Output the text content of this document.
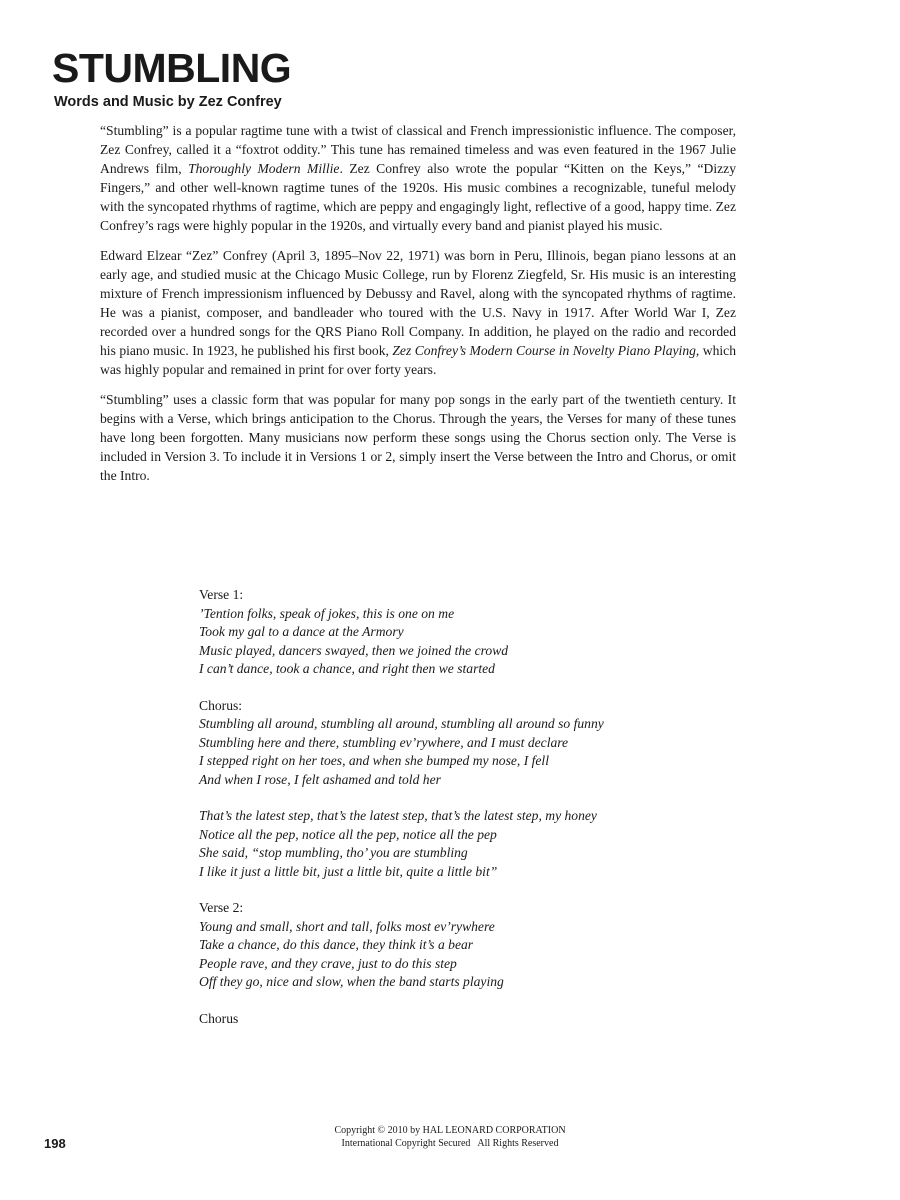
STUMBLING
Words and Music by Zez Confrey

“Stumbling” is a popular ragtime tune with a twist of classical and French impressionistic influence. The composer, Zez Confrey, called it a “foxtrot oddity.” This tune has remained timeless and was even featured in the 1967 Julie Andrews film, Thoroughly Modern Millie. Zez Confrey also wrote the popular “Kitten on the Keys,” “Dizzy Fingers,” and other well-known ragtime tunes of the 1920s. His music combines a recognizable, tuneful melody with the syncopated rhythms of ragtime, which are peppy and engagingly light, reflective of a good, happy time. Zez Confrey’s rags were highly popular in the 1920s, and virtually every band and pianist played his music.

Edward Elzear “Zez” Confrey (April 3, 1895–Nov 22, 1971) was born in Peru, Illinois, began piano lessons at an early age, and studied music at the Chicago Music College, run by Florenz Ziegfeld, Sr. His music is an interesting mixture of French impressionism influenced by Debussy and Ravel, along with the syncopated rhythms of ragtime. He was a pianist, composer, and bandleader who toured with the U.S. Navy in 1917. After World War I, Zez recorded over a hundred songs for the QRS Piano Roll Company. In addition, he played on the radio and recorded his piano music. In 1923, he published his first book, Zez Confrey’s Modern Course in Novelty Piano Playing, which was highly popular and remained in print for over forty years.

“Stumbling” uses a classic form that was popular for many pop songs in the early part of the twentieth century. It begins with a Verse, which brings anticipation to the Chorus. Through the years, the Verses for many of these tunes have long been forgotten. Many musicians now perform these songs using the Chorus section only. The Verse is included in Version 3. To include it in Versions 1 or 2, simply insert the Verse between the Intro and Chorus, or omit the Intro.

Verse 1:
’Tention folks, speak of jokes, this is one on me
Took my gal to a dance at the Armory
Music played, dancers swayed, then we joined the crowd
I can’t dance, took a chance, and right then we started
Chorus:
Stumbling all around, stumbling all around, stumbling all around so funny
Stumbling here and there, stumbling ev’rywhere, and I must declare
I stepped right on her toes, and when she bumped my nose, I fell
And when I rose, I felt ashamed and told her
That’s the latest step, that’s the latest step, that’s the latest step, my honey
Notice all the pep, notice all the pep, notice all the pep
She said, “stop mumbling, tho’ you are stumbling
I like it just a little bit, just a little bit, quite a little bit”
Verse 2:
Young and small, short and tall, folks most ev’rywhere
Take a chance, do this dance, they think it’s a bear
People rave, and they crave, just to do this step
Off they go, nice and slow, when the band starts playing
Chorus
Copyright © 2010 by HAL LEONARD CORPORATION
International Copyright Secured   All Rights Reserved
198
